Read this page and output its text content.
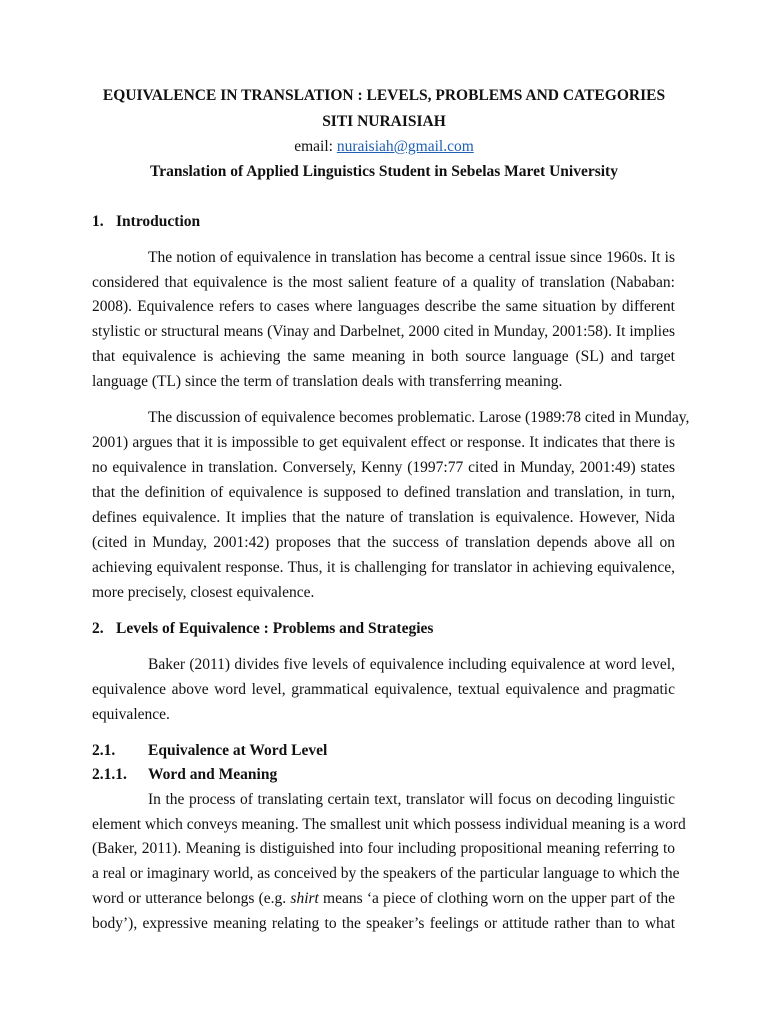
EQUIVALENCE IN TRANSLATION : LEVELS, PROBLEMS AND CATEGORIES
SITI NURAISIAH
email: nuraisiah@gmail.com
Translation of Applied Linguistics Student in Sebelas Maret University
1. Introduction
The notion of equivalence in translation has become a central issue since 1960s. It is
considered that equivalence is the most salient feature of a quality of translation (Nababan:
2008). Equivalence refers to cases where languages describe the same situation by different
stylistic or structural means (Vinay and Darbelnet, 2000 cited in Munday, 2001:58). It implies
that equivalence is achieving the same meaning in both source language (SL) and target
language (TL) since the term of translation deals with transferring meaning.
The discussion of equivalence becomes problematic. Larose (1989:78 cited in Munday,
2001) argues that it is impossible to get equivalent effect or response. It indicates that there is
no equivalence in translation. Conversely, Kenny (1997:77 cited in Munday, 2001:49) states
that the definition of equivalence is supposed to defined translation and translation, in turn,
defines equivalence. It implies that the nature of translation is equivalence. However, Nida
(cited in Munday, 2001:42) proposes that the success of translation depends above all on
achieving equivalent response. Thus, it is challenging for translator in achieving equivalence,
more precisely, closest equivalence.
2. Levels of Equivalence : Problems and Strategies
Baker (2011) divides five levels of equivalence including equivalence at word level,
equivalence above word level, grammatical equivalence, textual equivalence and pragmatic
equivalence.
2.1. Equivalence at Word Level
2.1.1. Word and Meaning
In the process of translating certain text, translator will focus on decoding linguistic
element which conveys meaning. The smallest unit which possess individual meaning is a word
(Baker, 2011). Meaning is distiguished into four including propositional meaning referring to
a real or imaginary world, as conceived by the speakers of the particular language to which the
word or utterance belongs (e.g. shirt means ‘a piece of clothing worn on the upper part of the
body’), expressive meaning relating to the speaker’s feelings or attitude rather than to what
